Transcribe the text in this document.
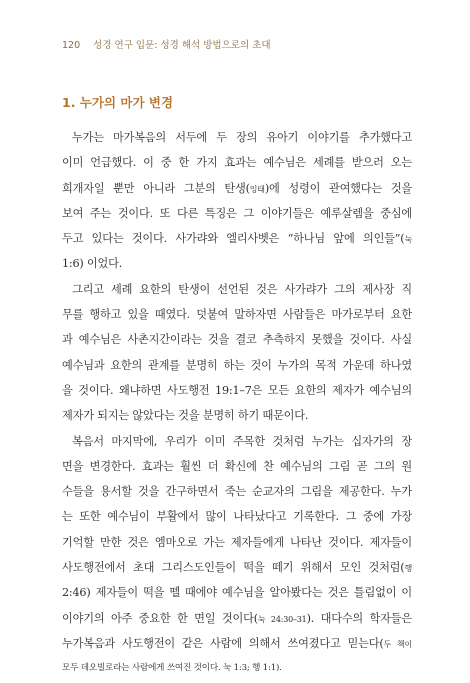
120 성경 연구 입문: 성경 해석 방법으로의 초대
1. 누가의 마가 변경
누가는 마가복음의 서두에 두 장의 유아기 이야기를 추가했다고
이미 언급했다. 이 중 한 가지 효과는 예수님은 세례를 받으러 오는
희개자일 뿐만 아니라 그분의 탄생(잉태)에 성령이 관여했다는 것을
보여 주는 것이다. 또 다른 특징은 그 이야기들은 예루살렘을 중심에
두고 있다는 것이다. 사가랴와 엘리사벳은 “하나님 앞에 의인들”(눅
1:6) 이었다.
그리고 세례 요한의 탄생이 선언된 것은 사가랴가 그의 제사장 직
무를 행하고 있을 때였다. 덧붙여 말하자면 사람들은 마가로부터 요한
과 예수님은 사촌지간이라는 것을 결코 추측하지 못했을 것이다. 사실
예수님과 요한의 관계를 분명히 하는 것이 누가의 목적 가운데 하나였
을 것이다. 왜냐하면 사도행전 19:1–7은 모든 요한의 제자가 예수님의
제자가 되지는 않았다는 것을 분명히 하기 때문이다.
복음서 마지막에, 우리가 이미 주목한 것처럼 누가는 십자가의 장
면을 변경한다. 효과는 훨씬 더 확신에 찬 예수님의 그림 곧 그의 원
수들을 용서할 것을 간구하면서 죽는 순교자의 그림을 제공한다. 누가
는 또한 예수님이 부활에서 많이 나타났다고 기록한다. 그 중에 가장
기억할 만한 것은 엠마오로 가는 제자들에게 나타난 것이다. 제자들이
사도행전에서 초대 그리스도인들이 떡을 떼기 위해서 모인 것처럼(행
2:46) 제자들이 떡을 뗄 때에야 예수님을 알아봤다는 것은 틀림없이 이
이야기의 아주 중요한 한 면일 것이다(눅 24:30–31). 대다수의 학자들은
누가복음과 사도행전이 같은 사람에 의해서 쓰여졌다고 믿는다(두 책이
모두 데오빌로라는 사람에게 쓰여진 것이다. 눅 1:3; 행 1:1).
